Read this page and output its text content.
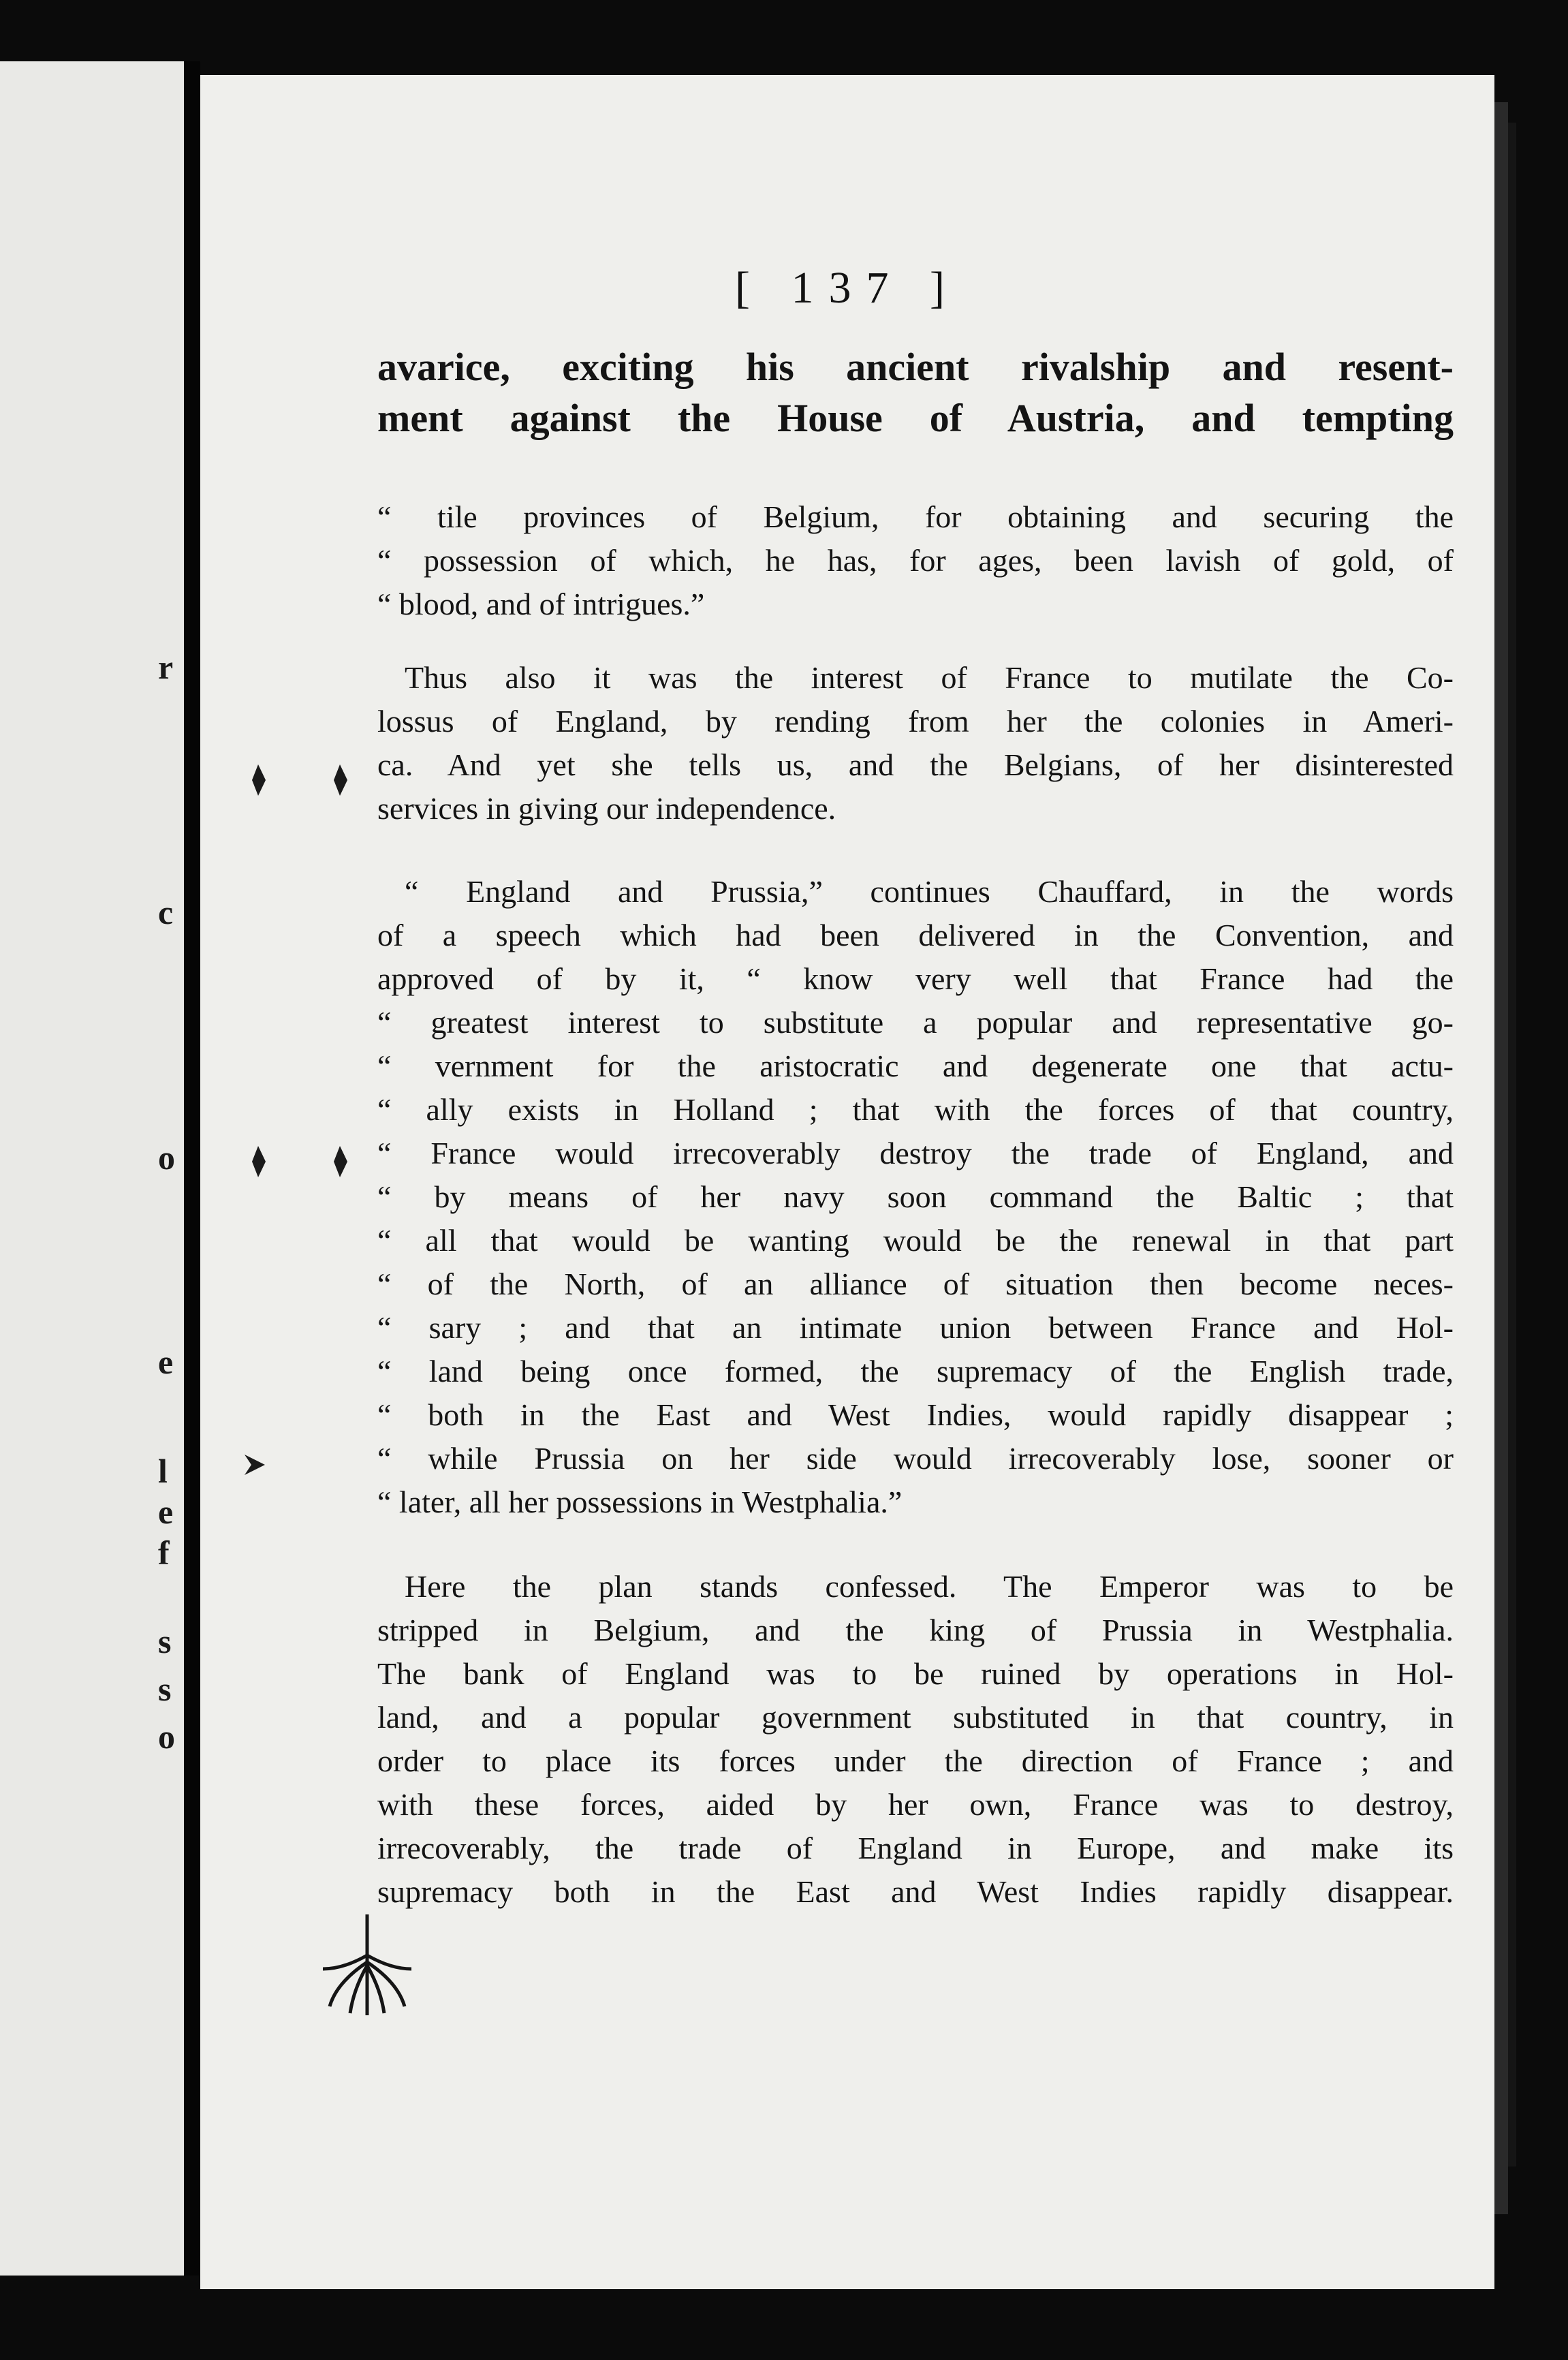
r
c
o
e
l
e
f
s
s
o
[ 137 ]
avarice, exciting his ancient rivalship and resent-
ment against the House of Austria, and tempting
“ tile provinces of Belgium, for obtaining and securing the
“ possession of which, he has, for ages, been lavish of gold, of
“ blood, and of intrigues.”
Thus also it was the interest of France to mutilate the Co-
lossus of England, by rending from her the colonies in Ameri-
ca. And yet she tells us, and the Belgians, of her disinterested
services in giving our independence.
“ England and Prussia,” continues Chauffard, in the words
of a speech which had been delivered in the Convention, and
approved of by it, “ know very well that France had the
“ greatest interest to substitute a popular and representative go-
“ vernment for the aristocratic and degenerate one that actu-
“ ally exists in Holland ; that with the forces of that country,
“ France would irrecoverably destroy the trade of England, and
“ by means of her navy soon command the Baltic ; that
“ all that would be wanting would be the renewal in that part
“ of the North, of an alliance of situation then become neces-
“ sary ; and that an intimate union between France and Hol-
“ land being once formed, the supremacy of the English trade,
“ both in the East and West Indies, would rapidly disappear ;
“ while Prussia on her side would irrecoverably lose, sooner or
“ later, all her possessions in Westphalia.”
Here the plan stands confessed. The Emperor was to be
stripped in Belgium, and the king of Prussia in Westphalia.
The bank of England was to be ruined by operations in Hol-
land, and a popular government substituted in that country, in
order to place its forces under the direction of France ; and
with these forces, aided by her own, France was to destroy,
irrecoverably, the trade of England in Europe, and make its
supremacy both in the East and West Indies rapidly disappear.
